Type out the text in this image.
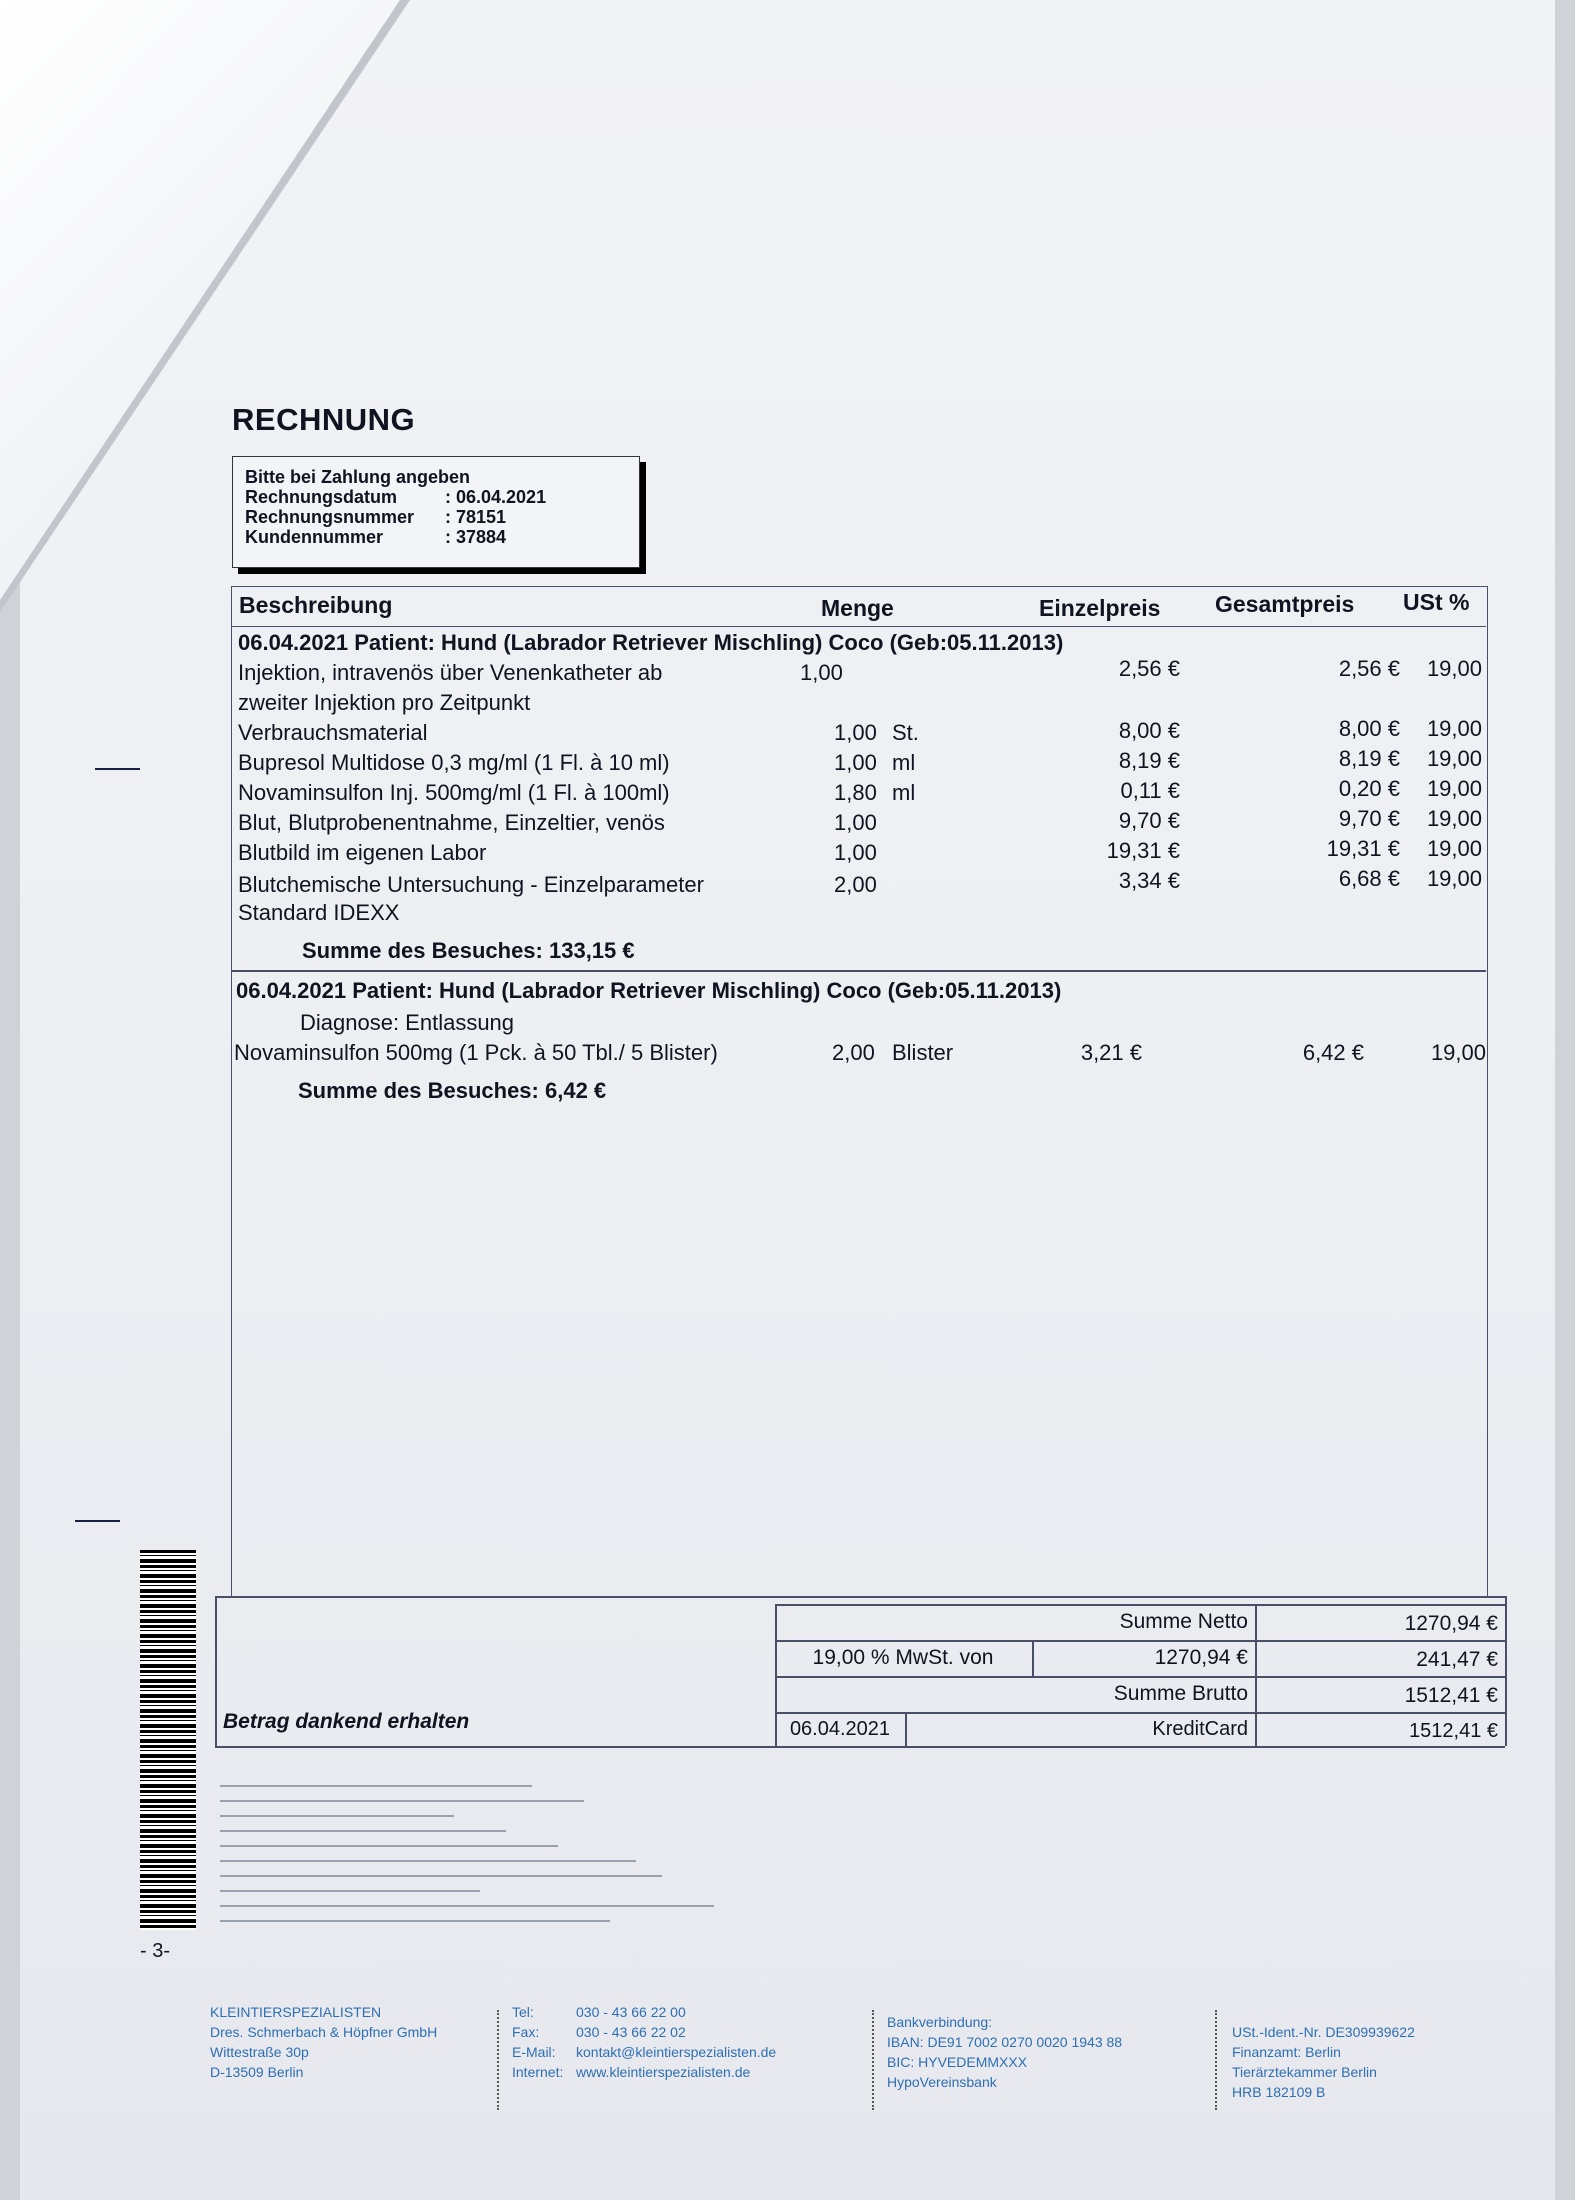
RECHNUNG
Bitte bei Zahlung angeben
Rechnungsdatum	: 06.04.2021
Rechnungsnummer : 78151
Kundennummer	: 37884
Beschreibung	Menge	Einzelpreis Gesamtpreis USt %
06.04.2021 Patient: Hund (Labrador Retriever Mischling) Coco (Geb:05.11.2013)
Injektion, intravenös über Venenkatheter ab
zweiter Injektion pro Zeitpunkt
1,00	2,56 €	2,56 €	19,00
Verbrauchsmaterial	1,00 St.	8,00 €	8,00 €	19,00
Bupresol Multidose 0,3 mg/ml (1 Fl. à 10 ml)	1,00 ml	8,19 €	8,19 €	19,00
Novaminsulfon Inj. 500mg/ml (1 Fl. à 100ml)	1,80 ml	0,11 €	0,20 €	19,00
Blut, Blutprobenentnahme, Einzeltier, venös	1,00	9,70 €	9,70 €	19,00
Blutbild im eigenen Labor	1,00	19,31 €	19,31 €	19,00
Blutchemische Untersuchung - Einzelparameter
Standard IDEXX
2,00	3,34 €	6,68 €	19,00
Summe des Besuches: 133,15 €
06.04.2021 Patient: Hund (Labrador Retriever Mischling) Coco (Geb:05.11.2013)
Diagnose: Entlassung
Novaminsulfon 500mg (1 Pck. à 50 Tbl./ 5 Blister)	2,00 Blister	3,21 €	6,42 €	19,00
Summe des Besuches: 6,42 €
Summe Netto	1270,94 €
19,00 % MwSt. von	1270,94 €	241,47 €
Summe Brutto	1512,41 €
06.04.2021	KreditCard	1512,41 €
Betrag dankend erhalten
- 3-
KLEINTIERSPEZIALISTEN
Dres. Schmerbach & Höpfner GmbH
Wittestraße 30p
D-13509 Berlin
Tel:	030 - 43 66 22 00
Fax:	030 - 43 66 22 02
E-Mail: kontakt@kleintierspezialisten.de
Internet: www.kleintierspezialisten.de
Bankverbindung:
IBAN: DE91 7002 0270 0020 1943 88
BIC: HYVEDEMMXXX
HypoVereinsbank
USt.-Ident.-Nr. DE309939622
Finanzamt: Berlin
Tierärztekammer Berlin
HRB 182109 B
